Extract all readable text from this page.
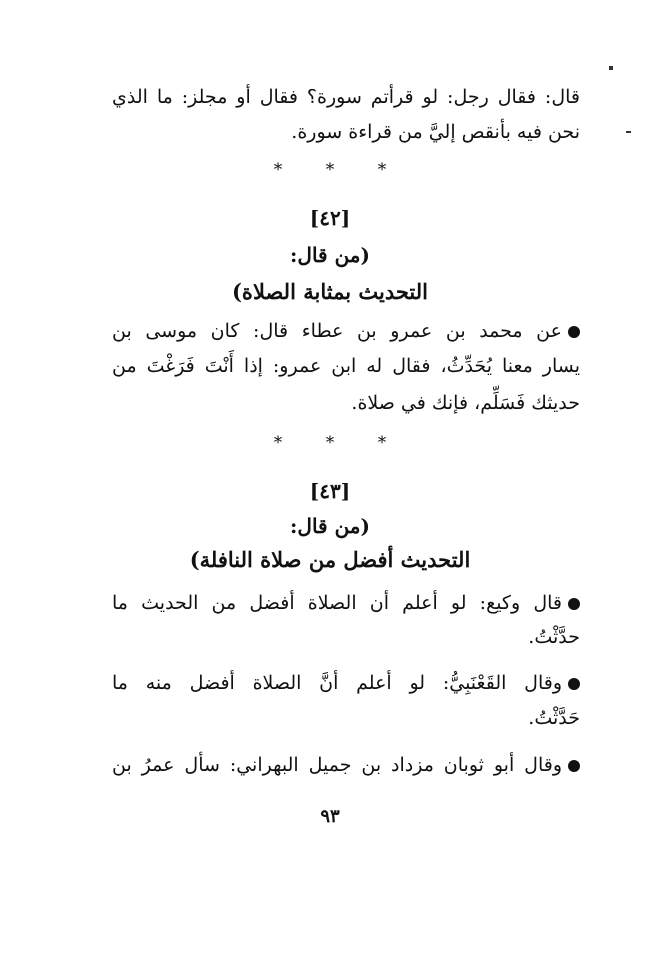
قال: فقال رجل: لو قرأتم سورة؟ فقال أو مجلز: ما الذي
نحن فيه بأنقص إليَّ من قراءة سورة.
***
[٤٢]
(من قال:
التحديث بمثابة الصلاة)
عن محمد بن عمرو بن عطاء قال: كان موسى بن
يسار معنا يُحَدِّثُ، فقال له ابن عمرو: إذا أَنْتَ فَرَغْتَ من
حديثك فَسَلِّم، فإنك في صلاة.
***
[٤٣]
(من قال:
التحديث أفضل من صلاة النافلة)
قال وكيع: لو أعلم أن الصلاة أفضل من الحديث ما
حدَّثْتُ.
وقال القَعْنَبِيُّ: لو أعلم أنَّ الصلاة أفضل منه ما
حَدَّثْتُ.
وقال أبو ثوبان مزداد بن جميل البهراني: سأل عمرُ بن
٩٣
